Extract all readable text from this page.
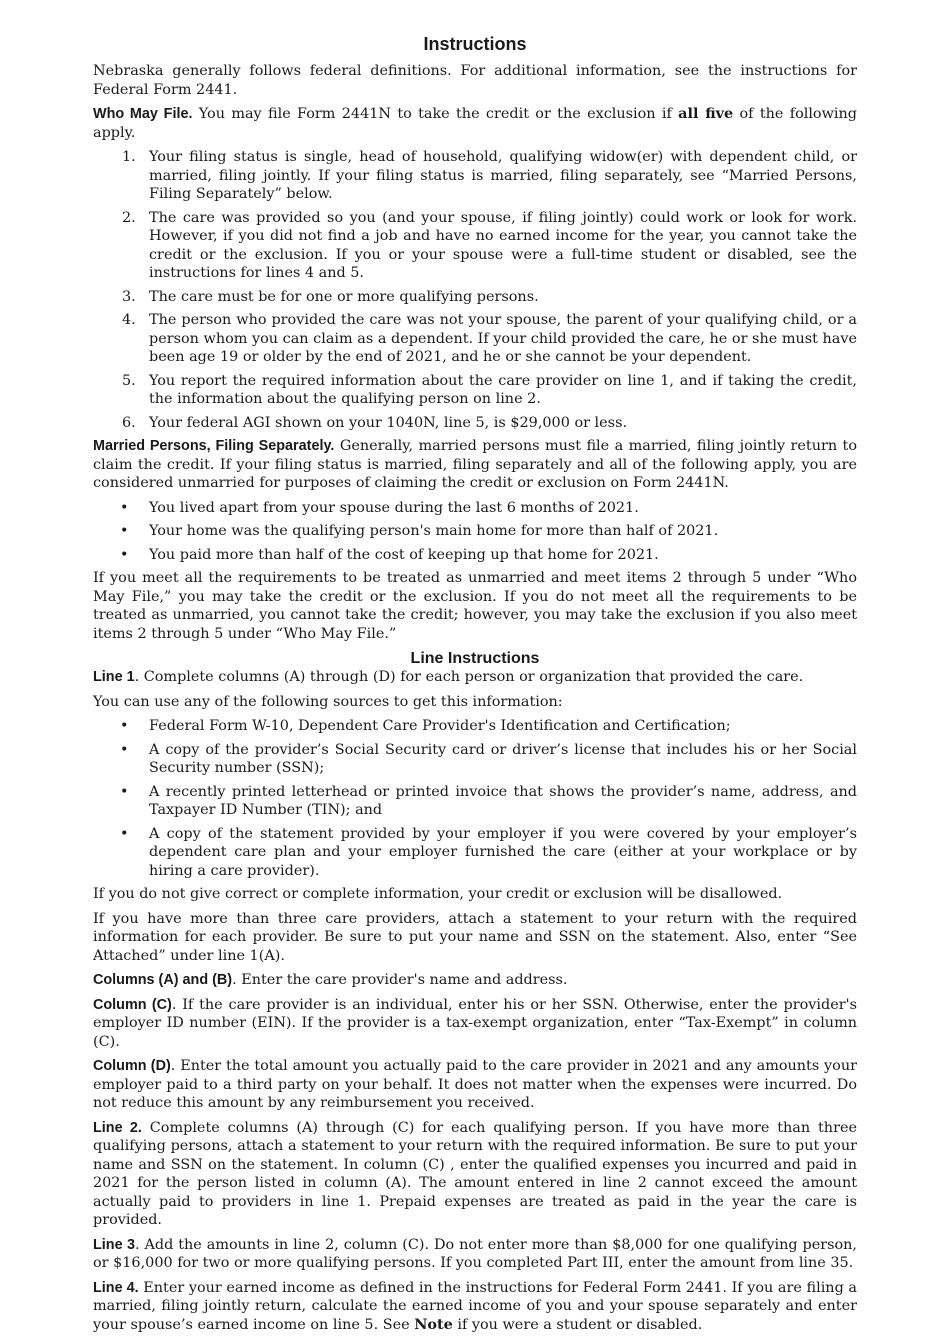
Instructions

Nebraska generally follows federal definitions. For additional information, see the instructions for Federal Form 2441.

Who May File. You may file Form 2441N to take the credit or the exclusion if all five of the following apply.

1. Your filing status is single, head of household, qualifying widow(er) with dependent child, or married, filing jointly. If your filing status is married, filing separately, see “Married Persons, Filing Separately” below.
2. The care was provided so you (and your spouse, if filing jointly) could work or look for work. However, if you did not find a job and have no earned income for the year, you cannot take the credit or the exclusion. If you or your spouse were a full-time student or disabled, see the instructions for lines 4 and 5.
3. The care must be for one or more qualifying persons.
4. The person who provided the care was not your spouse, the parent of your qualifying child, or a person whom you can claim as a dependent. If your child provided the care, he or she must have been age 19 or older by the end of 2021, and he or she cannot be your dependent.
5. You report the required information about the care provider on line 1, and if taking the credit, the information about the qualifying person on line 2.
6. Your federal AGI shown on your 1040N, line 5, is $29,000 or less.

Married Persons, Filing Separately. Generally, married persons must file a married, filing jointly return to claim the credit. If your filing status is married, filing separately and all of the following apply, you are considered unmarried for purposes of claiming the credit or exclusion on Form 2441N.

• You lived apart from your spouse during the last 6 months of 2021.
• Your home was the qualifying person's main home for more than half of 2021.
• You paid more than half of the cost of keeping up that home for 2021.

If you meet all the requirements to be treated as unmarried and meet items 2 through 5 under “Who May File,” you may take the credit or the exclusion. If you do not meet all the requirements to be treated as unmarried, you cannot take the credit; however, you may take the exclusion if you also meet items 2 through 5 under “Who May File.”

Line Instructions

Line 1. Complete columns (A) through (D) for each person or organization that provided the care.

You can use any of the following sources to get this information:

• Federal Form W-10, Dependent Care Provider's Identification and Certification;
• A copy of the provider’s Social Security card or driver’s license that includes his or her Social Security number (SSN);
• A recently printed letterhead or printed invoice that shows the provider’s name, address, and Taxpayer ID Number (TIN); and
• A copy of the statement provided by your employer if you were covered by your employer’s dependent care plan and your employer furnished the care (either at your workplace or by hiring a care provider).

If you do not give correct or complete information, your credit or exclusion will be disallowed.

If you have more than three care providers, attach a statement to your return with the required information for each provider. Be sure to put your name and SSN on the statement. Also, enter “See Attached” under line 1(A).

Columns (A) and (B). Enter the care provider's name and address.

Column (C). If the care provider is an individual, enter his or her SSN. Otherwise, enter the provider's employer ID number (EIN). If the provider is a tax-exempt organization, enter “Tax-Exempt” in column (C).

Column (D). Enter the total amount you actually paid to the care provider in 2021 and any amounts your employer paid to a third party on your behalf. It does not matter when the expenses were incurred. Do not reduce this amount by any reimbursement you received.

Line 2. Complete columns (A) through (C) for each qualifying person. If you have more than three qualifying persons, attach a statement to your return with the required information. Be sure to put your name and SSN on the statement. In column (C) , enter the qualified expenses you incurred and paid in 2021 for the person listed in column (A). The amount entered in line 2 cannot exceed the amount actually paid to providers in line 1. Prepaid expenses are treated as paid in the year the care is provided.

Line 3. Add the amounts in line 2, column (C). Do not enter more than $8,000 for one qualifying person, or $16,000 for two or more qualifying persons. If you completed Part III, enter the amount from line 35.

Line 4. Enter your earned income as defined in the instructions for Federal Form 2441. If you are filing a married, filing jointly return, calculate the earned income of you and your spouse separately and enter your spouse’s earned income on line 5. See Note if you were a student or disabled.
